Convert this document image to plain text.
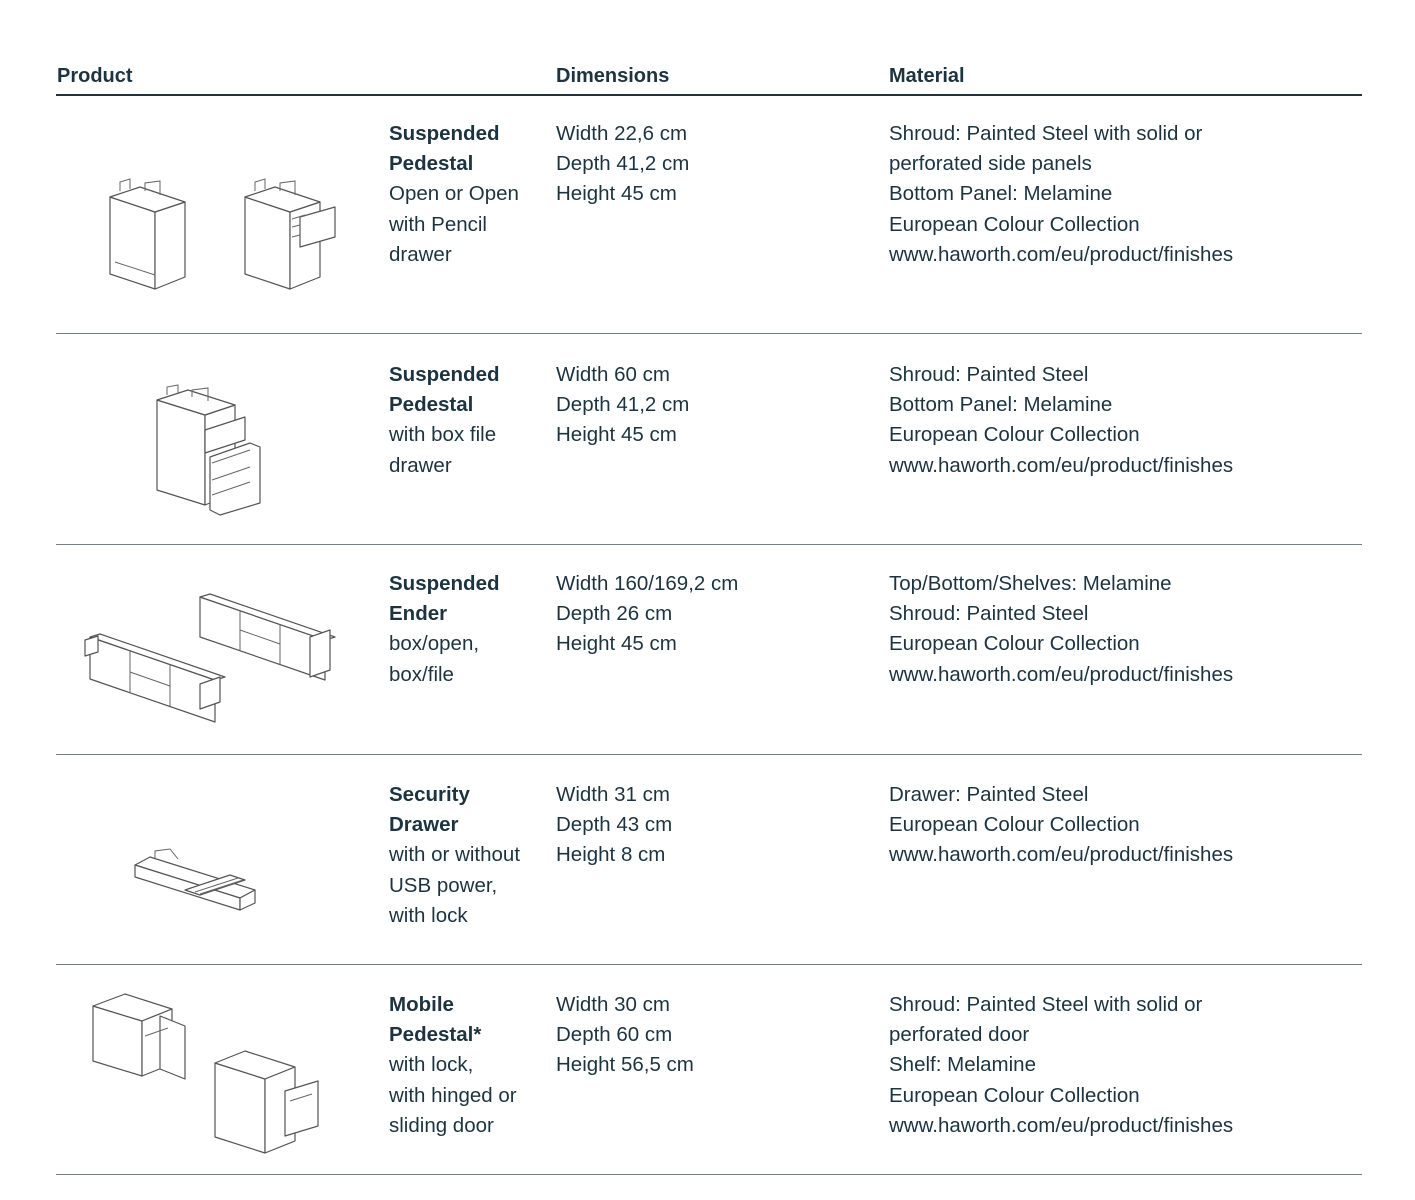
Product	Dimensions	Material
Suspended
Pedestal
Open or Open
with Pencil
drawer
Width 22,6 cm
Depth 41,2 cm
Height 45 cm
Shroud: Painted Steel with solid or
perforated side panels
Bottom Panel: Melamine
European Colour Collection
www.haworth.com/eu/product/finishes
Suspended
Pedestal
with box file
drawer
Width 60 cm
Depth 41,2 cm
Height 45 cm
Shroud: Painted Steel
Bottom Panel: Melamine
European Colour Collection
www.haworth.com/eu/product/finishes
Suspended
Ender
box/open,
box/file
Width 160/169,2 cm
Depth 26 cm
Height 45 cm
Top/Bottom/Shelves: Melamine
Shroud: Painted Steel
European Colour Collection
www.haworth.com/eu/product/finishes
Security
Drawer
with or without
USB power,
with lock
Width 31 cm
Depth 43 cm
Height 8 cm
Drawer: Painted Steel
European Colour Collection
www.haworth.com/eu/product/finishes
Mobile
Pedestal*
with lock,
with hinged or
sliding door
Width 30 cm
Depth 60 cm
Height 56,5 cm
Shroud: Painted Steel with solid or
perforated door
Shelf: Melamine
European Colour Collection
www.haworth.com/eu/product/finishes
